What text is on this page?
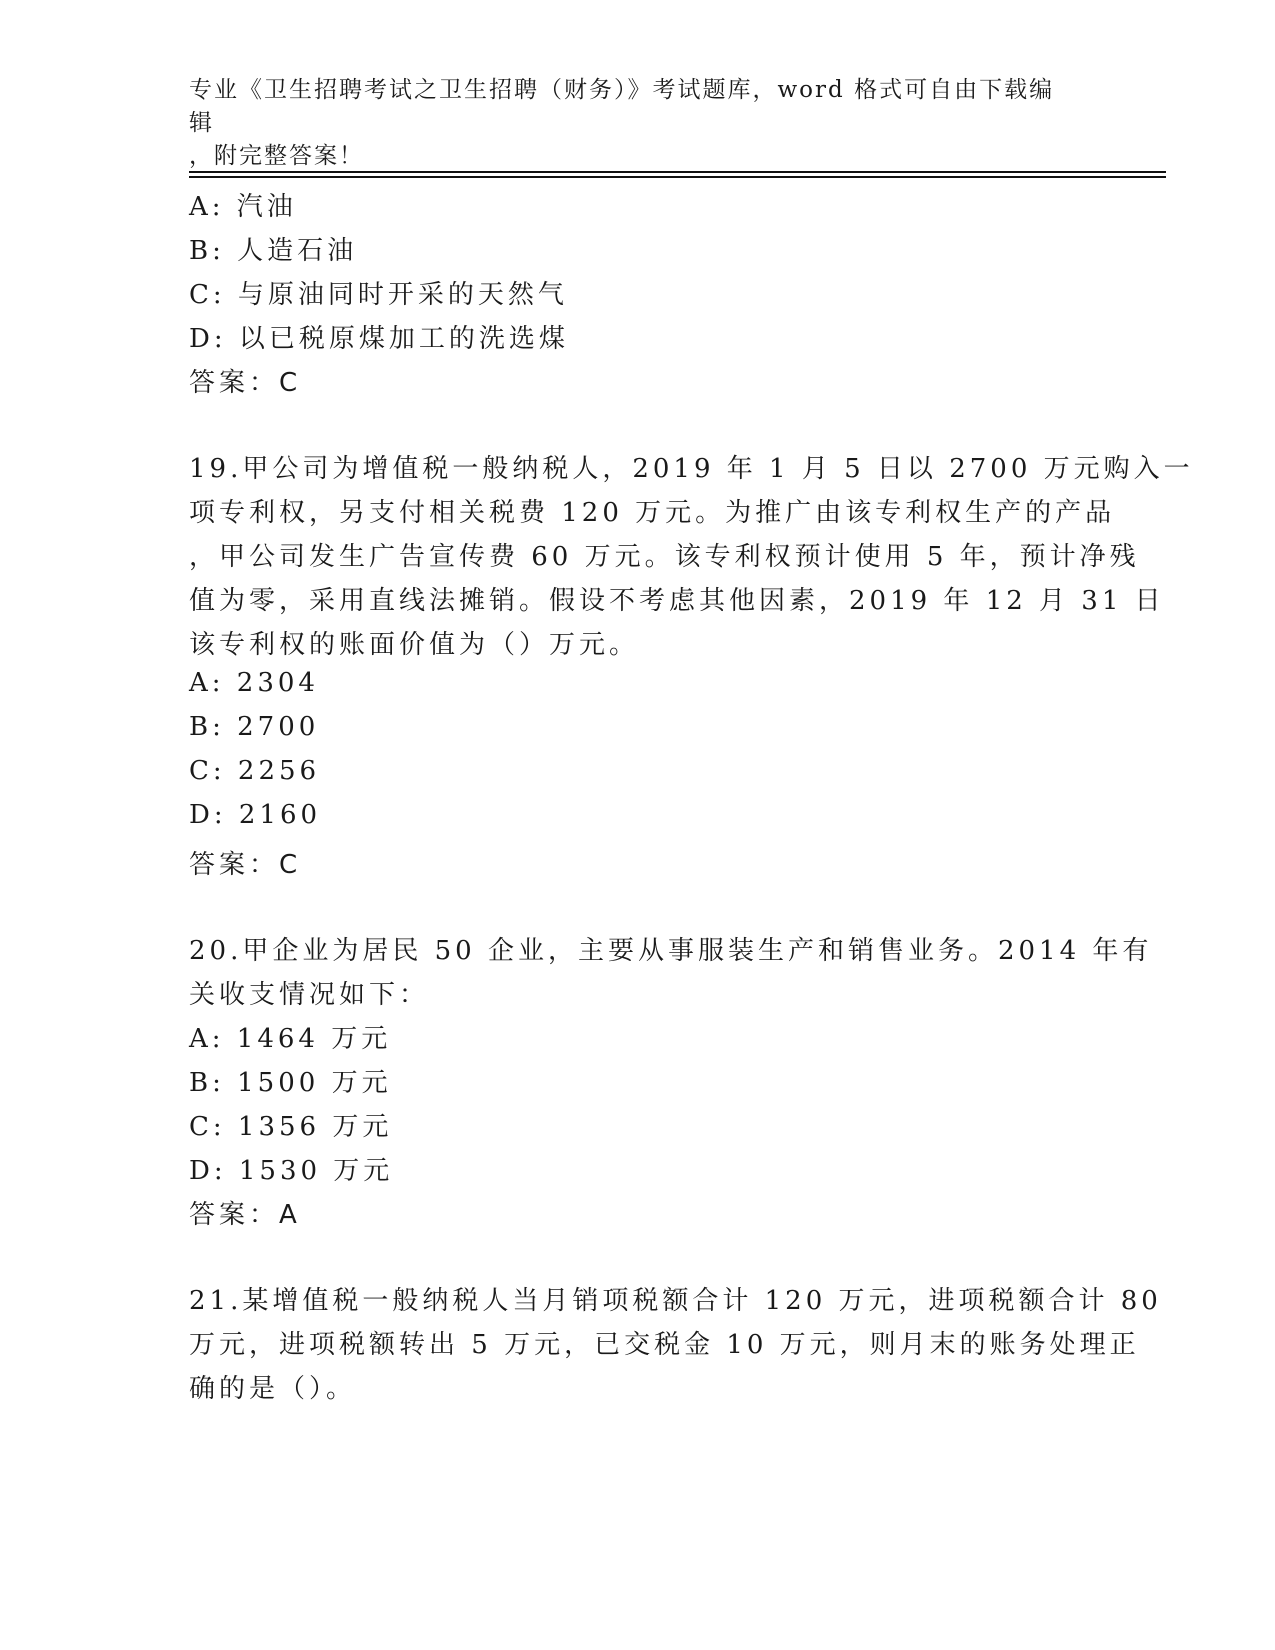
专业《卫生招聘考试之卫生招聘（财务）》考试题库，word 格式可自由下载编辑
，附完整答案！
A: 汽油
B: 人造石油
C: 与原油同时开采的天然气
D: 以已税原煤加工的洗选煤
答案：C
19.甲公司为增值税一般纳税人，2019 年 1 月 5 日以 2700 万元购入一
项专利权，另支付相关税费 120 万元。为推广由该专利权生产的产品
，甲公司发生广告宣传费 60 万元。该专利权预计使用 5 年，预计净残
值为零，采用直线法摊销。假设不考虑其他因素，2019 年 12 月 31 日
该专利权的账面价值为（）万元。
A: 2304
B: 2700
C: 2256
D: 2160
答案：C
20.甲企业为居民 50 企业，主要从事服装生产和销售业务。2014 年有
关收支情况如下：
A: 1464 万元
B: 1500 万元
C: 1356 万元
D: 1530 万元
答案：A
21.某增值税一般纳税人当月销项税额合计 120 万元，进项税额合计 80
万元，进项税额转出 5 万元，已交税金 10 万元，则月末的账务处理正
确的是（）。
